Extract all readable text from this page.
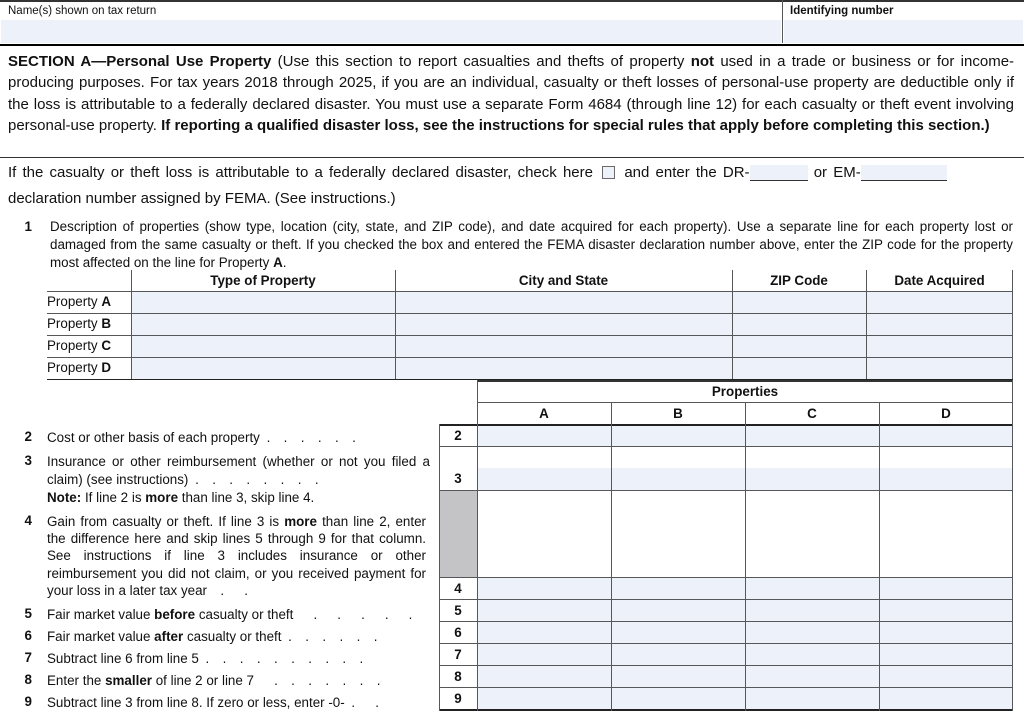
Name(s) shown on tax return	Identifying number
SECTION A—Personal Use Property (Use this section to report casualties and thefts of property not used in a trade or business or for income-producing purposes. For tax years 2018 through 2025, if you are an individual, casualty or theft losses of personal-use property are deductible only if the loss is attributable to a federally declared disaster. You must use a separate Form 4684 (through line 12) for each casualty or theft event involving personal-use property. If reporting a qualified disaster loss, see the instructions for special rules that apply before completing this section.)
If the casualty or theft loss is attributable to a federally declared disaster, check here and enter the DR-	or EM-
declaration number assigned by FEMA. (See instructions.)
1 Description of properties (show type, location (city, state, and ZIP code), and date acquired for each property). Use a separate line for each property lost or damaged from the same casualty or theft. If you checked the box and entered the FEMA disaster declaration number above, enter the ZIP code for the property most affected on the line for Property A.
Type of Property	City and State	ZIP Code	Date Acquired
Property A
Property B
Property C
Property D
2 Cost or other basis of each property . . . . . .
3 Insurance or other reimbursement (whether or not you filed a claim) (see instructions) . . . . . . . .
Note: If line 2 is more than line 3, skip line 4.
4 Gain from casualty or theft. If line 3 is more than line 2, enter the difference here and skip lines 5 through 9 for that column. See instructions if line 3 includes insurance or other reimbursement you did not claim, or you received payment for your loss in a later tax year  .  .
5 Fair market value before casualty or theft  .  .  .  .  .
6 Fair market value after casualty or theft . . . . . .
7 Subtract line 6 from line 5 . . . . . . . . . .
8 Enter the smaller of line 2 or line 7  . . . . . . .
9 Subtract line 3 from line 8. If zero or less, enter -0- .  .
Properties
A	B	C	D
2
3
4
5
6
7
8
9
